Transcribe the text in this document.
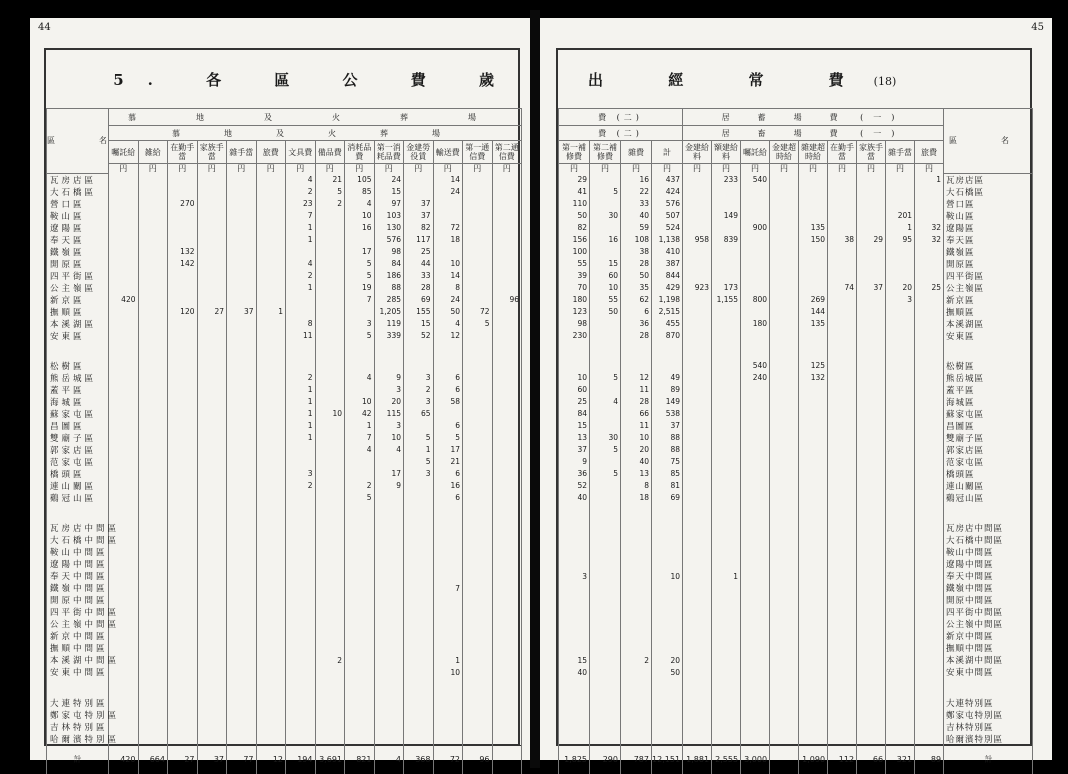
44
5. 各 區 公 費 歲
區　名	慕　地　及　火　葬　場													
	慕　地　及　火　葬　場													
	囑託給	雑給	在勤手當	家族手當	雜手當	旅費	文具費	備品費	消耗品費	第一消耗品費	金建勞役賃	輸送費	第一通信費	第二通信費
	円	円	円	円	円	円	円	円	円	円	円	円	円	円
瓦房店區							4	21	105	24		14		
大石橋區							2	5	85	15		24		
營口區			270				23	2	4	97	37			
鞍山區							7		10	103	37			
遼陽區							1		16	130	82	72		
奉天區							1			576	117	18		
鐵嶺區			132						17	98	25			
開原區			142				4		5	84	44	10		
四平街區							2		5	186	33	14		
公主嶺區							1		19	88	28	8		
新京區	420								7	285	69	24		96
撫順區			120	27	37	1				1,205	155	50	72	
本溪湖區							8		3	119	15	4	5	
安東區							11		5	339	52	12		

松樹區														
熊岳城區							2		4	9	3	6		
蓋平區							1			3	2	6		
海城區							1		10	20	3	58		
蘇家屯區							1	10	42	115	65			
昌圖區							1		1	3		6		
雙廟子區							1		7	10	5	5		
郭家店區									4	4	1	17		
范家屯區											5	21		
橋頭區							3			17	3	6		
連山關區							2		2	9		16		
鷄冠山區									5			6		

瓦房店中間區														
大石橋中間區														
鞍山中間區														
遼陽中間區														
奉天中間區														
鐵嶺中間區												7		
開原中間區														
四平街中間區														
公主嶺中間區														
新京中間區														
撫順中間區														
本溪湖中間區								2				1		
安東中間區												10		

大連特別區														
鄭家屯特別區														
吉林特別區														
哈爾濱特別區														
計	420	664	27	37	77	12	194	3,691	821	4	368	72	96	
45
出 經 常 費(18)
費 (二)				居　蓄　場　費 (一)									區　名
費 (二)				居　畜　場　費 (一)									
第一補修費	第二補修費	雜費	計	金建給料	額建給料	囑託給	金建超時給	雜建超時給	在勤手當	家族手當	雜手當	旅費	
円	円	円	円	円	円	円	円	円	円	円	円	円	
29		16	437		233	540						1	瓦房店區
41	5	22	424										大石橋區
110		33	576										營口區
50	30	40	507		149						201		鞍山區
82		59	524			900		135			1	32	遼陽區
156	16	108	1,138	958	839			150	38	29	95	32	奉天區
100		38	410										鐵嶺區
55	15	28	387										開原區
39	60	50	844										四平街區
70	10	35	429	923	173				74	37	20	25	公主嶺區
180	55	62	1,198		1,155	800		269			3		新京區
123	50	6	2,515					144					撫順區
98		36	455			180		135					本溪湖區
230		28	870										安東區

						540		125					松樹區
10	5	12	49			240		132					熊岳城區
60		11	89										蓋平區
25	4	28	149										海城區
84		66	538										蘇家屯區
15		11	37										昌圖區
13	30	10	88										雙廟子區
37	5	20	88										郭家店區
9		40	75										范家屯區
36	5	13	85										橋頭區
52		8	81										連山關區
40		18	69										鷄冠山區

													瓦房店中間區
													大石橋中間區
													鞍山中間區
													遼陽中間區
3			10		1								奉天中間區
													鐵嶺中間區
													開原中間區
													四平街中間區
													公主嶺中間區
													新京中間區
													撫順中間區
15		2	20										本溪湖中間區
40			50										安東中間區

													大連特別區
													鄭家屯特別區
													吉林特別區
													哈爾濱特別區
1,825	290	787	12,151	1,881	2,555	3,000		1,090	112	66	321	89	計
